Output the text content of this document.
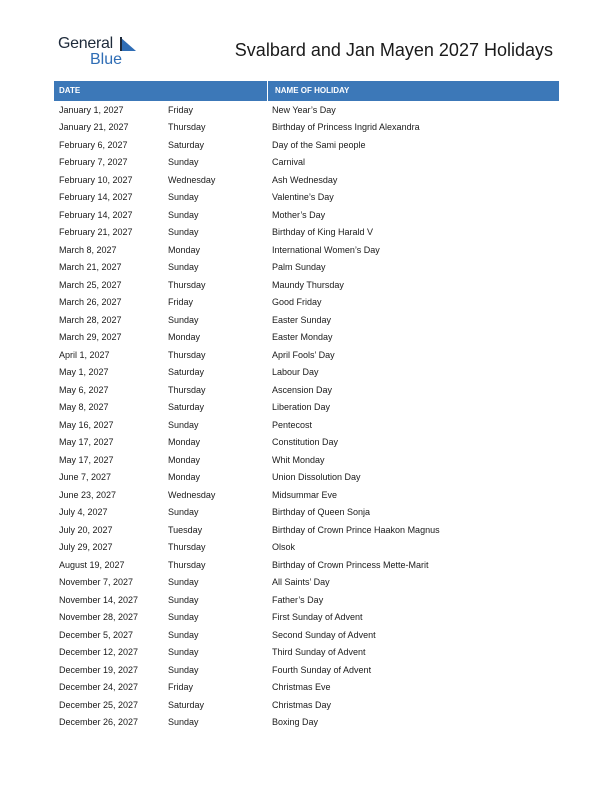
General
Blue	Svalbard and Jan Mayen 2027 Holidays
DATE	NAME OF HOLIDAY
January 1, 2027	Friday	New Year’s Day
January 21, 2027	Thursday	Birthday of Princess Ingrid Alexandra
February 6, 2027	Saturday	Day of the Sami people
February 7, 2027	Sunday	Carnival
February 10, 2027	Wednesday	Ash Wednesday
February 14, 2027	Sunday	Valentine’s Day
February 14, 2027	Sunday	Mother’s Day
February 21, 2027	Sunday	Birthday of King Harald V
March 8, 2027	Monday	International Women’s Day
March 21, 2027	Sunday	Palm Sunday
March 25, 2027	Thursday	Maundy Thursday
March 26, 2027	Friday	Good Friday
March 28, 2027	Sunday	Easter Sunday
March 29, 2027	Monday	Easter Monday
April 1, 2027	Thursday	April Fools’ Day
May 1, 2027	Saturday	Labour Day
May 6, 2027	Thursday	Ascension Day
May 8, 2027	Saturday	Liberation Day
May 16, 2027	Sunday	Pentecost
May 17, 2027	Monday	Constitution Day
May 17, 2027	Monday	Whit Monday
June 7, 2027	Monday	Union Dissolution Day
June 23, 2027	Wednesday	Midsummar Eve
July 4, 2027	Sunday	Birthday of Queen Sonja
July 20, 2027	Tuesday	Birthday of Crown Prince Haakon Magnus
July 29, 2027	Thursday	Olsok
August 19, 2027	Thursday	Birthday of Crown Princess Mette-Marit
November 7, 2027	Sunday	All Saints’ Day
November 14, 2027	Sunday	Father’s Day
November 28, 2027	Sunday	First Sunday of Advent
December 5, 2027	Sunday	Second Sunday of Advent
December 12, 2027	Sunday	Third Sunday of Advent
December 19, 2027	Sunday	Fourth Sunday of Advent
December 24, 2027	Friday	Christmas Eve
December 25, 2027	Saturday	Christmas Day
December 26, 2027	Sunday	Boxing Day
